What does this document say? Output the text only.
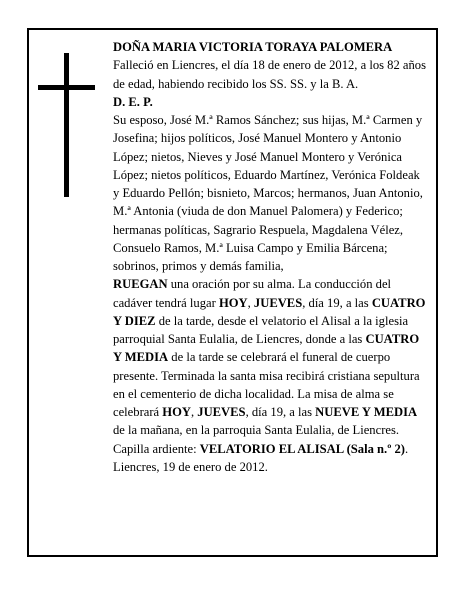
DOÑA MARIA VICTORIA TORAYA PALOMERA

Falleció en Liencres, el día 18 de enero de 2012, a los 82 años

de edad, habiendo recibido los SS. SS. y la B. A.

D. E. P.

Su esposo, José M.ª Ramos Sánchez; sus hijas, M.ª Carmen y Josefina; hijos políticos, José Manuel Montero y Antonio López; nietos, Nieves y José Manuel Montero y Verónica López; nietos políticos, Eduardo Martínez, Verónica Foldeak y Eduardo Pellón; bisnieto, Marcos; hermanos, Juan Antonio, M.ª Antonia (viuda de don Manuel Palomera) y Federico; hermanas políticas, Sagrario Respuela, Magdalena Vélez, Consuelo Ramos, M.ª Luisa Campo y Emilia Bárcena; sobrinos, primos y demás familia,

RUEGAN una oración por su alma. La conducción del cadáver tendrá lugar HOY, JUEVES, día 19, a las CUATRO Y DIEZ de la tarde, desde el velatorio el Alisal a la iglesia parroquial Santa Eulalia, de Liencres, donde a las CUATRO Y MEDIA de la tarde se celebrará el funeral de cuerpo presente. Terminada la santa misa recibirá cristiana sepultura en el cementerio de dicha localidad. La misa de alma se celebrará HOY, JUEVES, día 19, a las NUEVE Y MEDIA de la mañana, en la parroquia Santa Eulalia, de Liencres. Capilla ardiente: VELATORIO EL ALISAL (Sala n.º 2).

Liencres, 19 de enero de 2012.
